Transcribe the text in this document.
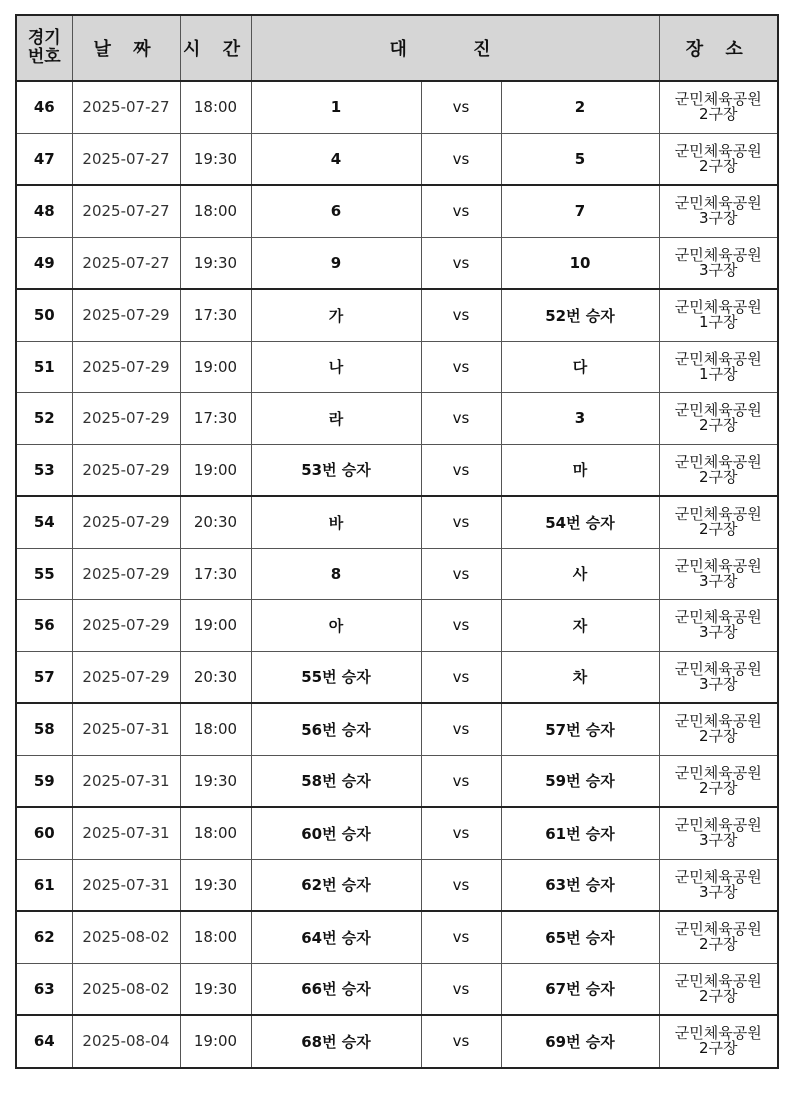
경기
번호	날 짜	시 간	대 진			장 소
46	2025-07-27	18:00	1	vs	2	군민체육공원
2구장

47	2025-07-27	19:30	4	vs	5	군민체육공원
2구장

48	2025-07-27	18:00	6	vs	7	군민체육공원
3구장

49	2025-07-27	19:30	9	vs	10	군민체육공원
3구장

50	2025-07-29	17:30	가	vs	52번 승자	군민체육공원
1구장

51	2025-07-29	19:00	나	vs	다	군민체육공원
1구장

52	2025-07-29	17:30	라	vs	3	군민체육공원
2구장

53	2025-07-29	19:00	53번 승자	vs	마	군민체육공원
2구장

54	2025-07-29	20:30	바	vs	54번 승자	군민체육공원
2구장

55	2025-07-29	17:30	8	vs	사	군민체육공원
3구장

56	2025-07-29	19:00	아	vs	자	군민체육공원
3구장

57	2025-07-29	20:30	55번 승자	vs	차	군민체육공원
3구장

58	2025-07-31	18:00	56번 승자	vs	57번 승자	군민체육공원
2구장

59	2025-07-31	19:30	58번 승자	vs	59번 승자	군민체육공원
2구장

60	2025-07-31	18:00	60번 승자	vs	61번 승자	군민체육공원
3구장

61	2025-07-31	19:30	62번 승자	vs	63번 승자	군민체육공원
3구장

62	2025-08-02	18:00	64번 승자	vs	65번 승자	군민체육공원
2구장

63	2025-08-02	19:30	66번 승자	vs	67번 승자	군민체육공원
2구장

64	2025-08-04	19:00	68번 승자	vs	69번 승자	군민체육공원
2구장
